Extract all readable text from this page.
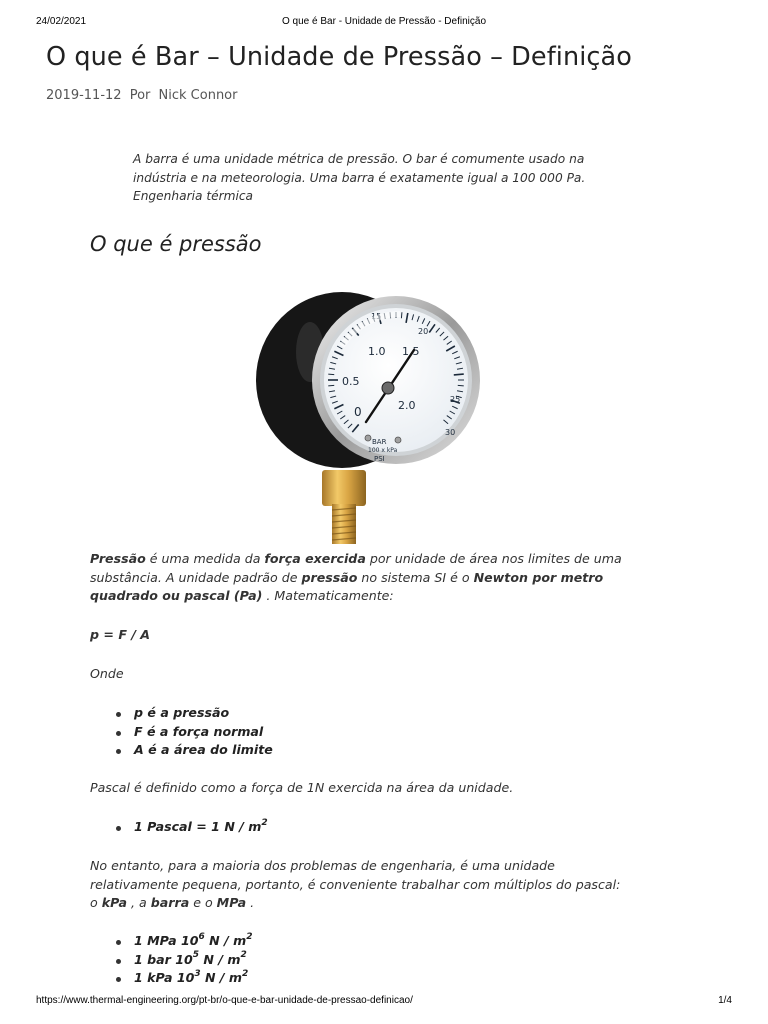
24/02/2021	O que é Bar - Unidade de Pressão - Definição
O que é Bar – Unidade de Pressão – Definição
2019-11-12 Por Nick Connor
A barra é uma unidade métrica de pressão. O bar é comumente usado na
indústria e na meteorologia. Uma barra é exatamente igual a 100 000 Pa.
Engenharia térmica
O que é pressão
0
0.5
1.0 1.5
2.0
BAR
100 x kPa
PSI
15
20
25
30
Pressão é uma medida da força exercida por unidade de área nos limites de uma
substância. A unidade padrão de pressão no sistema SI é o Newton por metro
quadrado ou pascal (Pa) . Matematicamente:
p = F / A
Onde
p é a pressão
F é a força normal
A é a área do limite
Pascal é definido como a força de 1N exercida na área da unidade.
1 Pascal = 1 N / $m^2$
No entanto, para a maioria dos problemas de engenharia, é uma unidade
relativamente pequena, portanto, é conveniente trabalhar com múltiplos do pascal:
o kPa , a barra e o MPa .
1 MPa $10^6$ N / $m^2$
1 bar $10^5$ N / $m^2$
1 kPa $10^3$ N / $m^2$
https://www.thermal-engineering.org/pt-br/o-que-e-bar-unidade-de-pressao-definicao/	1/4
